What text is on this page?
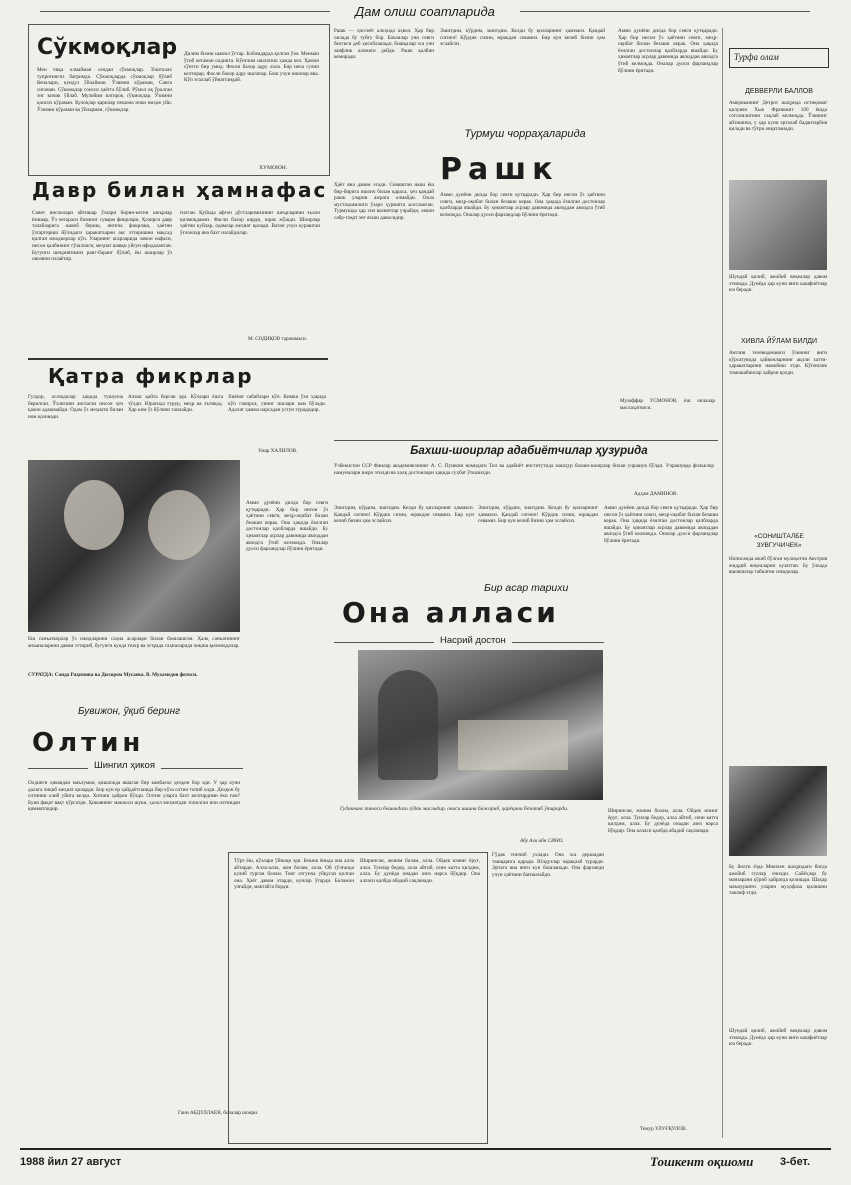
Дам олиш соатларида
Сўкмоқлар
Мен чиқа олмайман сендан сўкмоқлар. Тошталах тупроғингиз бағримда. Сўкмоқларда сўкмоқлар бўлиб Кечалари, кундуз ўйлайман. Ўзимни кўраман, Санга сиғаман. Сўкмоқлар сонсиз ҳаётга бўлиб. Рўмол оқ ўралган энг кичик ўйлаб. Мулойим ялтироқ сўкмоқлар. Ўзимни қонсиз кўраман. Кулоқлар қарилар пешона ички ниҳоя уйи. Ўзимни кўраман ва ўйларман, сўкмоқлар.
Дилим бизни шамол ўстар. Бобомдарда қолган ўзи. Менман ўтиб кетаман олдинга. Кўнглим ишлатиш ҳамда кел. Ҳамон сўнгги бир умид. Фасли бахор адру лола. Бир неча гулни келтирар, Фасли бахор адру ишлатар. Бош учун ишонар яна. Кўп эгаллаб ўйнатгандай.
ХУМОЮН.
Давр билан ҳамнафас
Совет инсонлари айтишар ўзлари бирин-кетин шеърлар ёзишар. Ўз чегараси бизнинг суварм фикрлари. Ҳозирги давр талабларига жавоб бериш, янгича фикрлаш, ҳаётни ўзгартириш йўлидаги ҳаракатларни акс эттиришни мақсад қилган ижодкорлар кўп. Уларнинг асарларида замон нафаси, инсон қалбининг гўзаллиги, меҳнат шавқи уйғун ифодаланган. Бугунги шеъриятимиз ранг-баранг бўлиб, ёш шоирлар ўз овозини излаётир.
ғилган. Қуйида афғон дўстларимизнинг шеърларини эълон қилмоқдамиз. Фасли бахор кирди, юрак жўшди. Шоирлар ҳаётни куйлар, одамлар меҳнат қилади. Ватан учун курашган ўғлонлар яна бахт излайдилар.
М. СОДИҚОВ таржимаси.
Қатра фикрлар
Гулдор, аслзодалар ҳақида тушунча берилган. Ўзлигини англаган инсон ҳеч қачон адашмайди. Одам ўз меҳнати билан ном қозонади.
Алмас қайта берган эди. Кўзлари ёшга тўлди. Юрагида ғурур, меҳр ва эътиқод. Ҳар ким ўз йўлини танлайди.
Хиёнат сабаблари кўп. Кимки ўзи ҳақида кўп гапирса, унинг ишлари кам бўлади. Адолат ҳамма нарсадан устун турадидир.
Умар ХАЛИЛОВ.
Рашк — ҳиссиёт алоҳида аҳвол. Ҳар бир оилада бу туйғу бор. Баъзилар уни севги белгиси деб ҳисоблашади, бошқалар эса уни заифлик аломати дейди. Рашк қалбни кемиради.
Эшитдим, кўрдим, эшитдим. Келди бу қизларнинг ҳаммаси. Қандай соғинч! Кўрдик сизни, юракдан севамиз. Бир кун келиб бизни ҳам эслайсиз.
Турмуш чорраҳаларида
Рашк
Ҳаёт яна давом этади. Севишган икки ёш бир-бирига ишонч билан қараса, ҳеч қандай рашк уларни ажрата олмайди. Оила мустаҳкамлиги ўзаро ҳурматга асосланган. Турмушда ҳар хил вазиятлар учрайди, лекин сабр-тоқат энг яхши давосидир.
Аммо дунёни дилда бор севги қутқаради. Ҳар бир инсон ўз ҳаётини севги, меҳр-оқибат билан безаши керак. Она ҳақида ёзилган достонлар қалбларда яшайди. Бу ҳикоятлар асрлар давомида авлоддан авлодга ўтиб келмоқда. Оналар дуоси фарзандлар йўлини ёритади.
Музаффар УСМОНОВ, ёш оилалар маслаҳатчиси.
Аммо дунёни дилда бор севги қутқаради. Ҳар бир инсон ўз ҳаётини севги, меҳр-оқибат билан безаши керак. Она ҳақида ёзилган достонлар қалбларда яшайди. Бу ҳикоятлар асрлар давомида авлоддан авлодга ўтиб келмоқда. Оналар дуоси фарзандлар йўлини ёритади.
Бахши-шоирлар адабиётчилар ҳузурида
Ўзбекистон ССР Фанлар академиясининг А. С. Пушкин номидаги Тил ва адабиёт институтида машҳур бахши-шоирлар билан учрашув бўлди. Учрашувда фольклор намуналари ижро этилди ва халқ достонлари ҳақида суҳбат ўтказилди.
Адҳам ДАМИНОВ.
Аммо дунёни дилда бор севги қутқаради. Ҳар бир инсон ўз ҳаётини севги, меҳр-оқибат билан безаши керак. Она ҳақида ёзилган достонлар қалбларда яшайди. Бу ҳикоятлар асрлар давомида авлоддан авлодга ўтиб келмоқда. Оналар дуоси фарзандлар йўлини ёритади.
Эшитдим, кўрдим, эшитдим. Келди бу қизларнинг ҳаммаси. Қандай соғинч! Кўрдик сизни, юракдан севамиз. Бир кун келиб бизни ҳам эслайсиз.
Эшитдим, кўрдим, эшитдим. Келди бу қизларнинг ҳаммаси. Қандай соғинч! Кўрдик сизни, юракдан севамиз. Бир кун келиб бизни ҳам эслайсиз.
Аммо дунёни дилда бор севги қутқаради. Ҳар бир инсон ўз ҳаётини севги, меҳр-оқибат билан безаши керак. Она ҳақида ёзилган достонлар қалбларда яшайди. Бу ҳикоятлар асрлар давомида авлоддан авлодга ўтиб келмоқда. Оналар дуоси фарзандлар йўлини ёритади.
Ёш санъаткорлар ўз ижодларини саҳна асарлари билан бошлашган. Ҳалқ санъатининг анъаналарини давом эттириб, бугунги кунда театр ва эстрада саҳналарида чиқиш қилмоқдалар.
СУРАТДА: Саида Раҳимова ва Дилором Мусаева. В. Мухамедов фотоси.
Бувижон, ўқиб беринг
Олтин
Шингил ҳикоя
Олдинги ҳикоядан маълумки, қишлоқда яшаган бир камбағал деҳқон бор эди. У ҳар куни далага чиқиб меҳнат қиларди. Бир кун ер ҳайдаётганида бир кўза олтин топиб олди. Деҳқон бу олтинни олиб уйига келди. Хотини ҳайрон бўлди. Олтин уларга бахт келтирдими ёки ғам? Буни фақат вақт кўрсатди. Ҳикоянинг маъноси шуки, ҳалол меҳнатдан топилган нон олтиндан қимматлидир.
Гани АБДУЛЛАЕВ, болалар шоири.
Бир асар тарихи
Она алласи
Насрий достон
Гудакнинг танаси бешикдаги гўдак мислидир, онаси ишини бажариб, ҳарёқини безатиб ўтирарди.
Абу Али ибн СИНО.
Тўрт ёш, кўзлари ўйноқи эди. Бешик ёнида она алла айтарди. Алла-алла, жон болам, алла. Ой тўлғанда кулиб турган болам. Тонг отгунча уйқусиз қолган она. Ҳаёт давом этарди, кунлар ўтарди. Болажон улғайди, мактабга борди.
Ширинсан, жоним болам, алла. Ойдек юзинг ёруғ, алла. Тунлар бедор, алла айтиб, сени катта қилдим, алла. Бу дунёда онадан азиз нарса йўқдир. Она алласи қалбда абадий сақланади.
Гўдак тинчиб ухлади. Она эса деразадан ташқарига қаради. Юлдузлар чарақлаб турарди. Эртага яна янги кун бошланади. Она фарзанди учун ҳаётини бағишлайди.
Ширинсан, жоним болам, алла. Ойдек юзинг ёруғ, алла. Тунлар бедор, алла айтиб, сени катта қилдим, алла. Бу дунёда онадан азиз нарса йўқдир. Она алласи қалбда абадий сақланади.
Темур УЛУҒҚУЛОВ.
Турфа олам
ДЕВВЕРЛИ БАЛЛОВ
Американинг Детрот шаҳрида истиқомат қилувчи Хью Франкнит 100 ёшда соғломлигини сақлаб келмоқда. Ўзининг айтишича, у ҳар куни эрталаб бадантарбия қилади ва тўғри овқатланади.
Шундай қилиб, ажойиб воқеалар давом этмоқда. Дунёда ҳар куни янги кашфиётлар юз беради.
ХИВЛА ЙЎЛАМ БИЛДИ
Англия телевиденияси ўзининг янги кўрсатувида ҳайвонларнинг ақлли хатти-ҳаракатларини намойиш этди. Кўпчилик томошабинлар ҳайрон қолди.
«СОНИШТАЛБЕ ЗУВГУЧИЧЕК»
Нописанда ажиб бўлган мулоқотчи Австрия жиддий воқеаларни кузатган. Бу ўлкада яшовчилар табиатни севадилар.
Бу йилги ёзда Мюнхен шаҳридаги боғда ажойиб гуллар очилди. Сайёҳлар бу манзарани кўриб ҳайратда қолишди. Шаҳар маъмурияти уларни муҳофаза қилишни таклиф этди.
Шундай қилиб, ажойиб воқеалар давом этмоқда. Дунёда ҳар куни янги кашфиётлар юз беради.
1988 йил 27 август	Тошкент оқшоми 3-бет.
